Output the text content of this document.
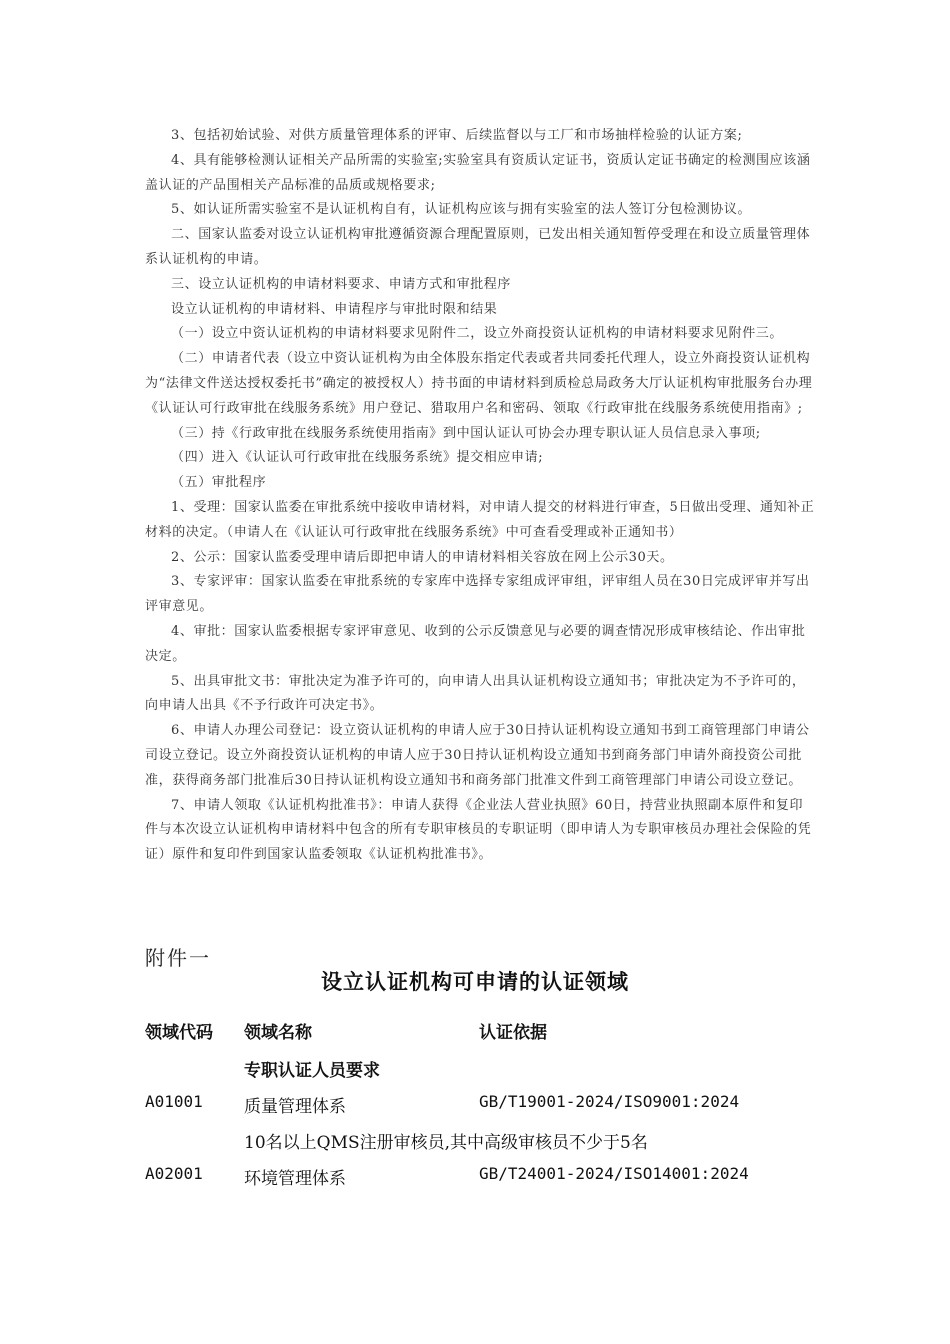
3、包括初始试验、对供方质量管理体系的评审、后续监督以与工厂和市场抽样检验的认证方案;

4、具有能够检测认证相关产品所需的实验室;实验室具有资质认定证书，资质认定证书确定的检测围应该涵盖认证的产品围相关产品标准的品质或规格要求;

5、如认证所需实验室不是认证机构自有，认证机构应该与拥有实验室的法人签订分包检测协议。

二、国家认监委对设立认证机构审批遵循资源合理配置原则，已发出相关通知暂停受理在和设立质量管理体系认证机构的申请。

三、设立认证机构的申请材料要求、申请方式和审批程序

设立认证机构的申请材料、申请程序与审批时限和结果

（一）设立中资认证机构的申请材料要求见附件二，设立外商投资认证机构的申请材料要求见附件三。

（二）申请者代表（设立中资认证机构为由全体股东指定代表或者共同委托代理人，设立外商投资认证机构为“法律文件送达授权委托书”确定的被授权人）持书面的申请材料到质检总局政务大厅认证机构审批服务台办理《认证认可行政审批在线服务系统》用户登记、猎取用户名和密码、领取《行政审批在线服务系统使用指南》;

（三）持《行政审批在线服务系统使用指南》到中国认证认可协会办理专职认证人员信息录入事项;

（四）进入《认证认可行政审批在线服务系统》提交相应申请;

（五）审批程序

1、受理：国家认监委在审批系统中接收申请材料，对申请人提交的材料进行审查，5日做出受理、通知补正材料的决定。（申请人在《认证认可行政审批在线服务系统》中可查看受理或补正通知书）

2、公示：国家认监委受理申请后即把申请人的申请材料相关容放在网上公示30天。

3、专家评审：国家认监委在审批系统的专家库中选择专家组成评审组，评审组人员在30日完成评审并写出评审意见。

4、审批：国家认监委根据专家评审意见、收到的公示反馈意见与必要的调查情况形成审核结论、作出审批决定。

5、出具审批文书：审批决定为准予许可的，向申请人出具认证机构设立通知书；审批决定为不予许可的，向申请人出具《不予行政许可决定书》。

6、申请人办理公司登记：设立资认证机构的申请人应于30日持认证机构设立通知书到工商管理部门申请公司设立登记。设立外商投资认证机构的申请人应于30日持认证机构设立通知书到商务部门申请外商投资公司批准，获得商务部门批准后30日持认证机构设立通知书和商务部门批准文件到工商管理部门申请公司设立登记。

7、申请人领取《认证机构批准书》：申请人获得《企业法人营业执照》60日，持营业执照副本原件和复印件与本次设立认证机构申请材料中包含的所有专职审核员的专职证明（即申请人为专职审核员办理社会保险的凭证）原件和复印件到国家认监委领取《认证机构批准书》。

附件一
设立认证机构可申请的认证领域
领域代码 领域名称	认证依据
专职认证人员要求
A01001 质量管理体系	GB/T19001-2024/ISO9001:2024
10名以上QMS注册审核员,其中高级审核员不少于5名
A02001 环境管理体系	GB/T24001-2024/ISO14001:2024
